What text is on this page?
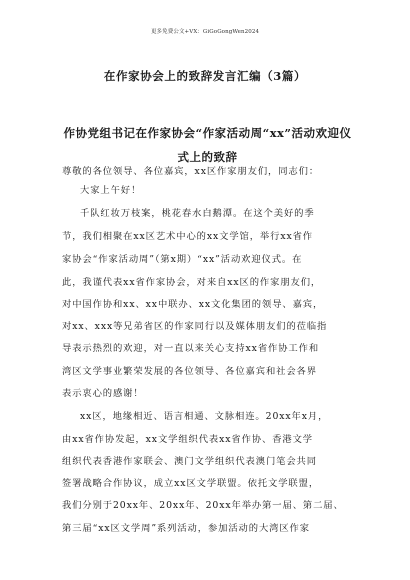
更多免费公文+VX：GiGoGongWen2024
在作家协会上的致辞发言汇编（3篇）
作协党组书记在作家协会“作家活动周“xx”活动欢迎仪
式上的致辞
尊敬的各位领导、各位嘉宾，xx区作家朋友们，同志们：
大家上午好！
千队红妆万枝案，桃花春水白鹅潭。在这个美好的季
节，我们相聚在xx区艺术中心的xx文学馆，举行xx省作
家协会“作家活动周”（第x期）“xx”活动欢迎仪式。在
此，我谨代表xx省作家协会，对来自xx区的作家朋友们，
对中国作协和xx、xx中联办、xx文化集团的领导、嘉宾，
对xx、xxx等兄弟省区的作家同行以及媒体朋友们的莅临指
导表示热烈的欢迎，对一直以来关心支持xx省作协工作和
湾区文学事业繁荣发展的各位领导、各位嘉宾和社会各界
表示衷心的感谢！
xx区，地缘相近、语言相通、文脉相连。20xx年x月，
由xx省作协发起，xx文学组织代表xx省作协、香港文学
组织代表香港作家联会、澳门文学组织代表澳门笔会共同
签署战略合作协议，成立xx区文学联盟。依托文学联盟，
我们分别于20xx年、20xx年、20xx年举办第一届、第二届、
第三届“xx区文学周”系列活动，参加活动的大湾区作家
